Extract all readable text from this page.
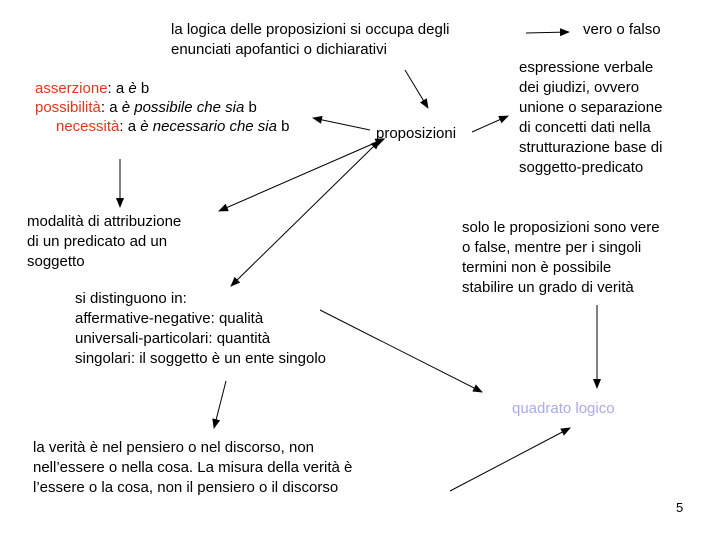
la logica delle proposizioni si occupa degli
enunciati apofantici o dichiarativi
vero o falso
proposizioni
espressione verbale
dei giudizi, ovvero
unione o separazione
di concetti dati nella
strutturazione base di
soggetto-predicato
asserzione: a è b
possibilità: a è possibile che sia b
necessità: a è necessario che sia b
modalità di attribuzione
di un predicato ad un
soggetto
solo le proposizioni sono vere
o false, mentre per i singoli
termini non è possibile
stabilire un grado di verità
si distinguono in:
affermative-negative: qualità
universali-particolari: quantità
singolari: il soggetto è un ente singolo
quadrato logico
la verità è nel pensiero o nel discorso, non
nell’essere o nella cosa. La misura della verità è
l’essere o la cosa, non il pensiero o il discorso
5
